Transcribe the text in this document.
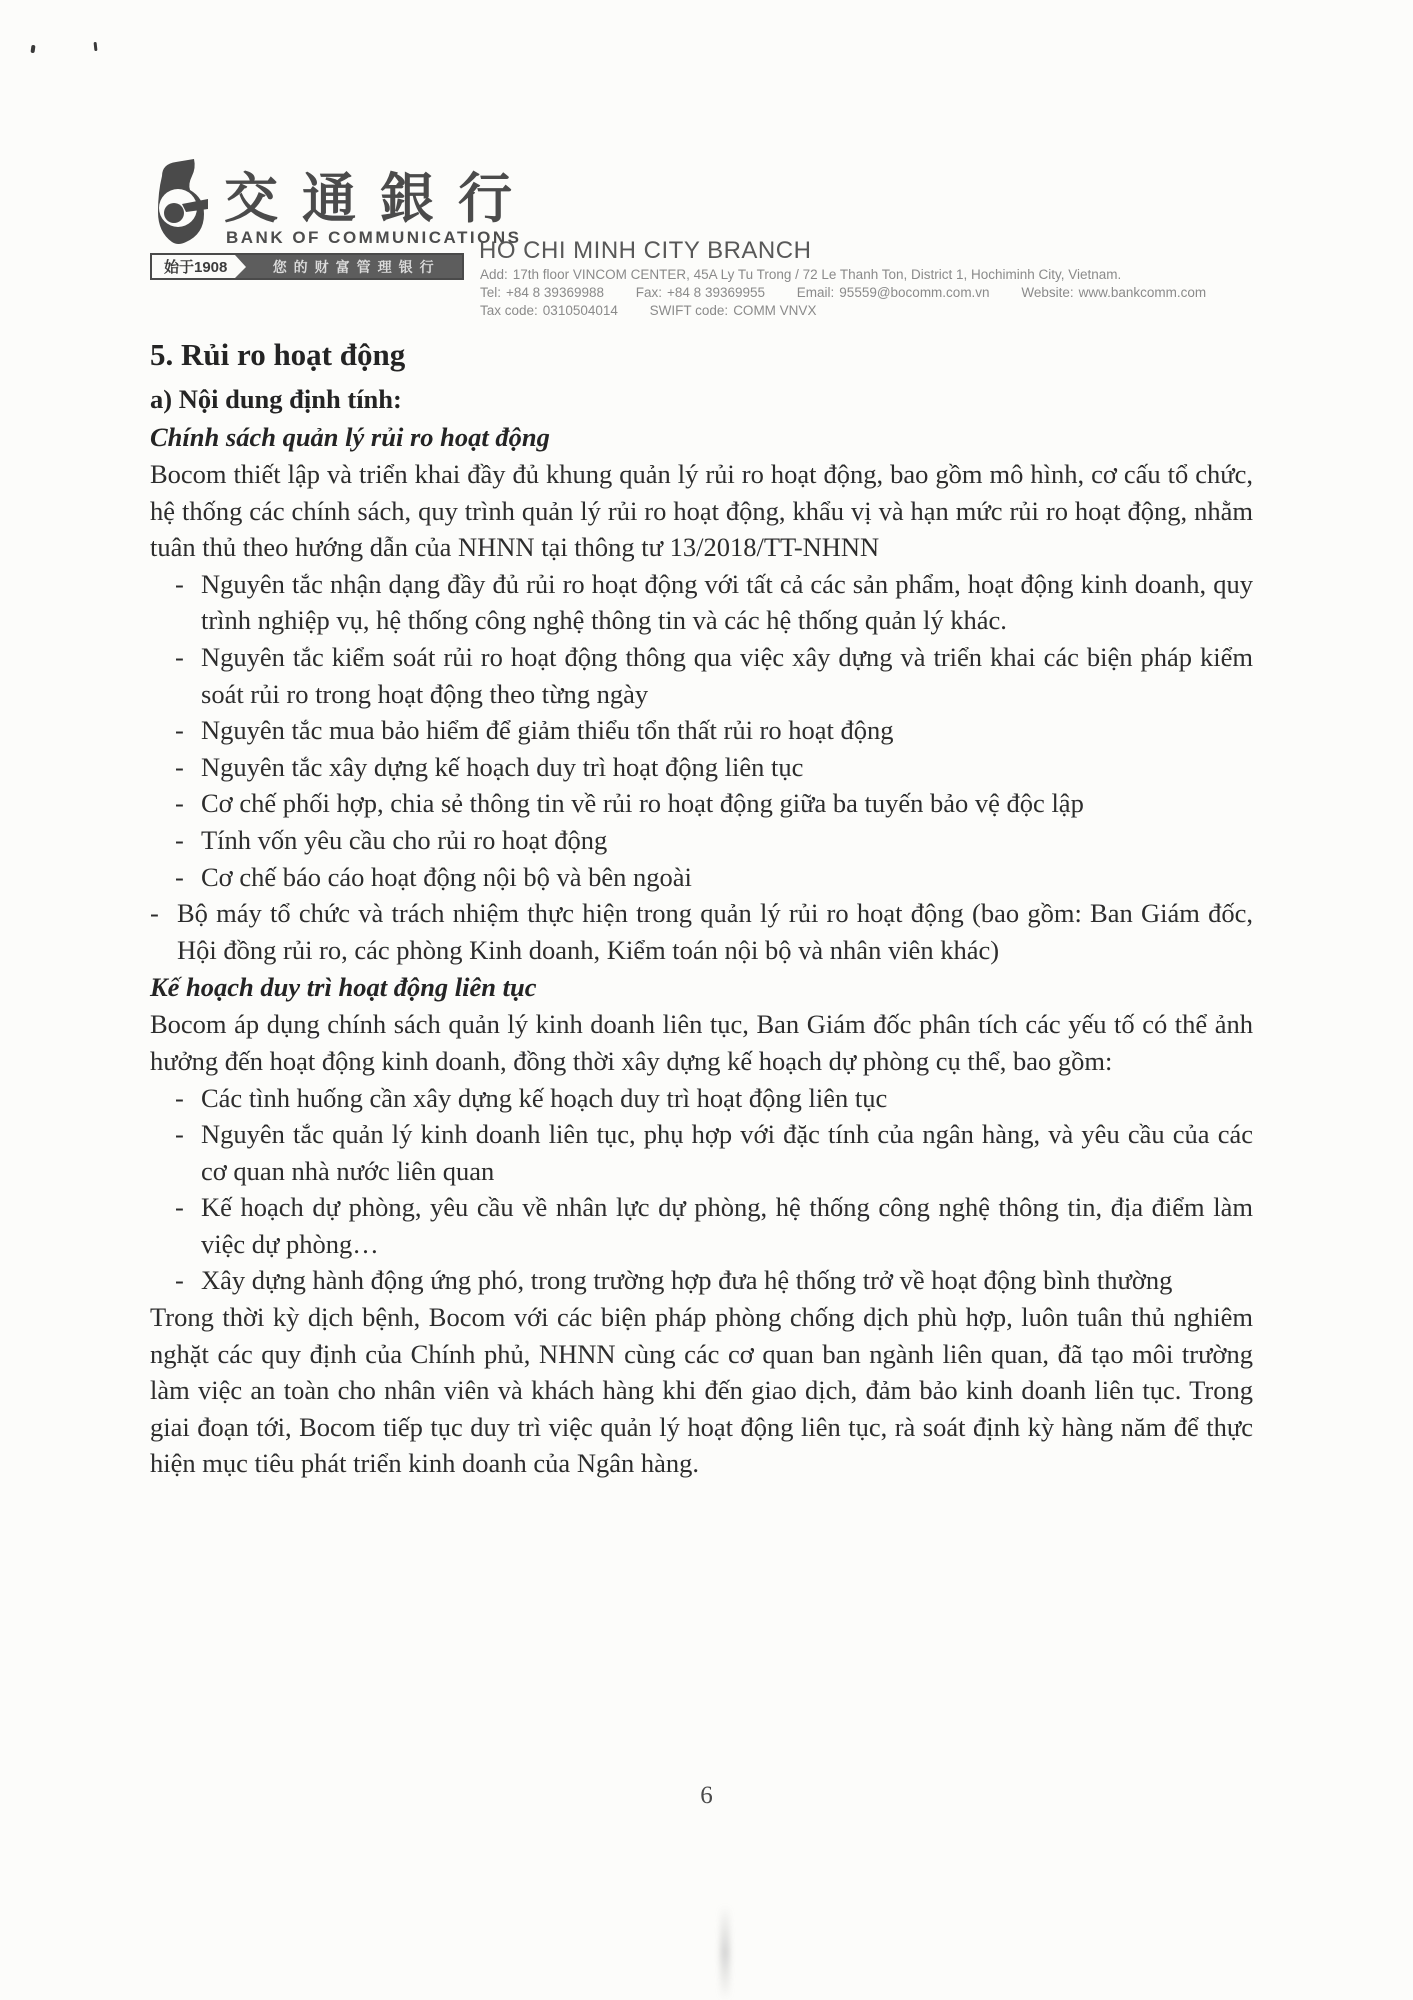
交通銀行
BANK OF COMMUNICATIONS
始于1908	您的财富管理银行
HO CHI MINH CITY BRANCH
Add: 17th floor VINCOM CENTER, 45A Ly Tu Trong / 72 Le Thanh Ton, District 1, Hochiminh City, Vietnam.
Tel: +84 8 39369988 Fax: +84 8 39369955 Email: 95559@bocomm.com.vn Website: www.bankcomm.com
Tax code: 0310504014 SWIFT code: COMM VNVX
5. Rủi ro hoạt động
a) Nội dung định tính:
Chính sách quản lý rủi ro hoạt động

Bocom thiết lập và triển khai đầy đủ khung quản lý rủi ro hoạt động, bao gồm mô hình, cơ cấu tổ chức, hệ thống các chính sách, quy trình quản lý rủi ro hoạt động, khẩu vị và hạn mức rủi ro hoạt động, nhằm tuân thủ theo hướng dẫn của NHNN tại thông tư 13/2018/TT-NHNN

- Nguyên tắc nhận dạng đầy đủ rủi ro hoạt động với tất cả các sản phẩm, hoạt động kinh doanh, quy trình nghiệp vụ, hệ thống công nghệ thông tin và các hệ thống quản lý khác.
- Nguyên tắc kiểm soát rủi ro hoạt động thông qua việc xây dựng và triển khai các biện pháp kiểm soát rủi ro trong hoạt động theo từng ngày
- Nguyên tắc mua bảo hiểm để giảm thiểu tổn thất rủi ro hoạt động
- Nguyên tắc xây dựng kế hoạch duy trì hoạt động liên tục
- Cơ chế phối hợp, chia sẻ thông tin về rủi ro hoạt động giữa ba tuyến bảo vệ độc lập
- Tính vốn yêu cầu cho rủi ro hoạt động
- Cơ chế báo cáo hoạt động nội bộ và bên ngoài
- Bộ máy tổ chức và trách nhiệm thực hiện trong quản lý rủi ro hoạt động (bao gồm: Ban Giám đốc, Hội đồng rủi ro, các phòng Kinh doanh, Kiểm toán nội bộ và nhân viên khác)
Kế hoạch duy trì hoạt động liên tục

Bocom áp dụng chính sách quản lý kinh doanh liên tục, Ban Giám đốc phân tích các yếu tố có thể ảnh hưởng đến hoạt động kinh doanh, đồng thời xây dựng kế hoạch dự phòng cụ thể, bao gồm:

- Các tình huống cần xây dựng kế hoạch duy trì hoạt động liên tục
- Nguyên tắc quản lý kinh doanh liên tục, phụ hợp với đặc tính của ngân hàng, và yêu cầu của các cơ quan nhà nước liên quan
- Kế hoạch dự phòng, yêu cầu về nhân lực dự phòng, hệ thống công nghệ thông tin, địa điểm làm việc dự phòng…
- Xây dựng hành động ứng phó, trong trường hợp đưa hệ thống trở về hoạt động bình thường

Trong thời kỳ dịch bệnh, Bocom với các biện pháp phòng chống dịch phù hợp, luôn tuân thủ nghiêm nghặt các quy định của Chính phủ, NHNN cùng các cơ quan ban ngành liên quan, đã tạo môi trường làm việc an toàn cho nhân viên và khách hàng khi đến giao dịch, đảm bảo kinh doanh liên tục. Trong giai đoạn tới, Bocom tiếp tục duy trì việc quản lý hoạt động liên tục, rà soát định kỳ hàng năm để thực hiện mục tiêu phát triển kinh doanh của Ngân hàng.

6
